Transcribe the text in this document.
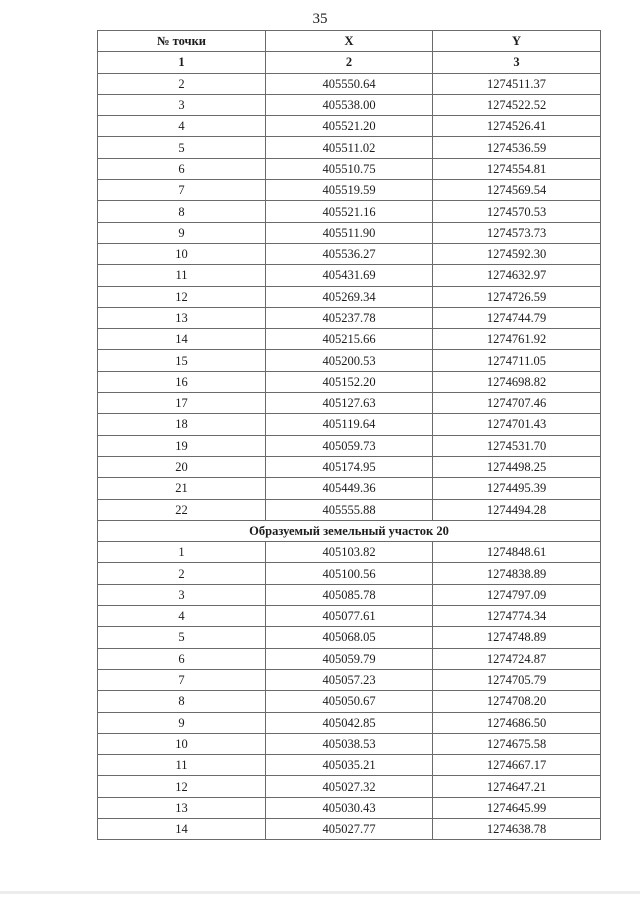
35
№ точки	X	Y
1	2	3
2	405550.64	1274511.37
3	405538.00	1274522.52
4	405521.20	1274526.41
5	405511.02	1274536.59
6	405510.75	1274554.81
7	405519.59	1274569.54
8	405521.16	1274570.53
9	405511.90	1274573.73
10	405536.27	1274592.30
11	405431.69	1274632.97
12	405269.34	1274726.59
13	405237.78	1274744.79
14	405215.66	1274761.92
15	405200.53	1274711.05
16	405152.20	1274698.82
17	405127.63	1274707.46
18	405119.64	1274701.43
19	405059.73	1274531.70
20	405174.95	1274498.25
21	405449.36	1274495.39
22	405555.88	1274494.28
Образуемый земельный участок 20		
1	405103.82	1274848.61
2	405100.56	1274838.89
3	405085.78	1274797.09
4	405077.61	1274774.34
5	405068.05	1274748.89
6	405059.79	1274724.87
7	405057.23	1274705.79
8	405050.67	1274708.20
9	405042.85	1274686.50
10	405038.53	1274675.58
11	405035.21	1274667.17
12	405027.32	1274647.21
13	405030.43	1274645.99
14	405027.77	1274638.78
